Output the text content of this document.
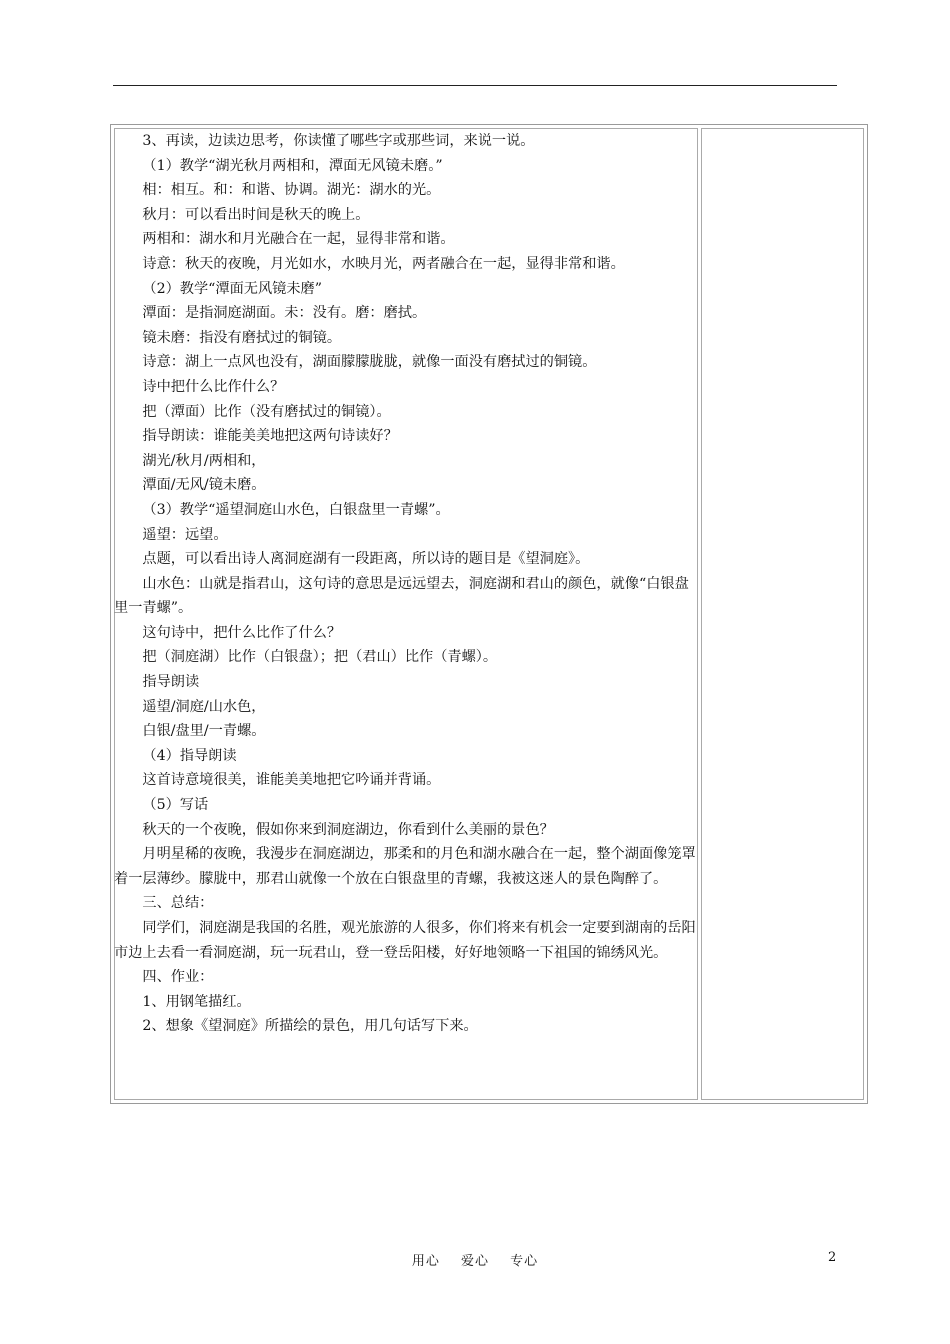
3、再读，边读边思考，你读懂了哪些字或那些词，来说一说。

（1）教学“湖光秋月两相和，潭面无风镜未磨。”

相：相互。和：和谐、协调。湖光：湖水的光。

秋月：可以看出时间是秋天的晚上。

两相和：湖水和月光融合在一起，显得非常和谐。

诗意：秋天的夜晚，月光如水，水映月光，两者融合在一起，显得非常和谐。

（2）教学“潭面无风镜未磨”

潭面：是指洞庭湖面。未：没有。磨：磨拭。

镜未磨：指没有磨拭过的铜镜。

诗意：湖上一点风也没有，湖面朦朦胧胧，就像一面没有磨拭过的铜镜。

诗中把什么比作什么？

把（潭面）比作（没有磨拭过的铜镜）。

指导朗读：谁能美美地把这两句诗读好？

湖光/秋月/两相和，

潭面/无风/镜未磨。

（3）教学“遥望洞庭山水色，白银盘里一青螺”。

遥望：远望。

点题，可以看出诗人离洞庭湖有一段距离，所以诗的题目是《望洞庭》。

山水色：山就是指君山，这句诗的意思是远远望去，洞庭湖和君山的颜色，就像“白银盘里一青螺”。

这句诗中，把什么比作了什么？

把（洞庭湖）比作（白银盘）；把（君山）比作（青螺）。

指导朗读

遥望/洞庭/山水色，

白银/盘里/一青螺。

（4）指导朗读

这首诗意境很美，谁能美美地把它吟诵并背诵。

（5）写话

秋天的一个夜晚，假如你来到洞庭湖边，你看到什么美丽的景色？

月明星稀的夜晚，我漫步在洞庭湖边，那柔和的月色和湖水融合在一起，整个湖面像笼罩着一层薄纱。朦胧中，那君山就像一个放在白银盘里的青螺，我被这迷人的景色陶醉了。

三、总结：

同学们，洞庭湖是我国的名胜，观光旅游的人很多，你们将来有机会一定要到湖南的岳阳市边上去看一看洞庭湖，玩一玩君山，登一登岳阳楼，好好地领略一下祖国的锦绣风光。

四、作业：

1、用钢笔描红。

2、想象《望洞庭》所描绘的景色，用几句话写下来。

用心 爱心 专心	2
